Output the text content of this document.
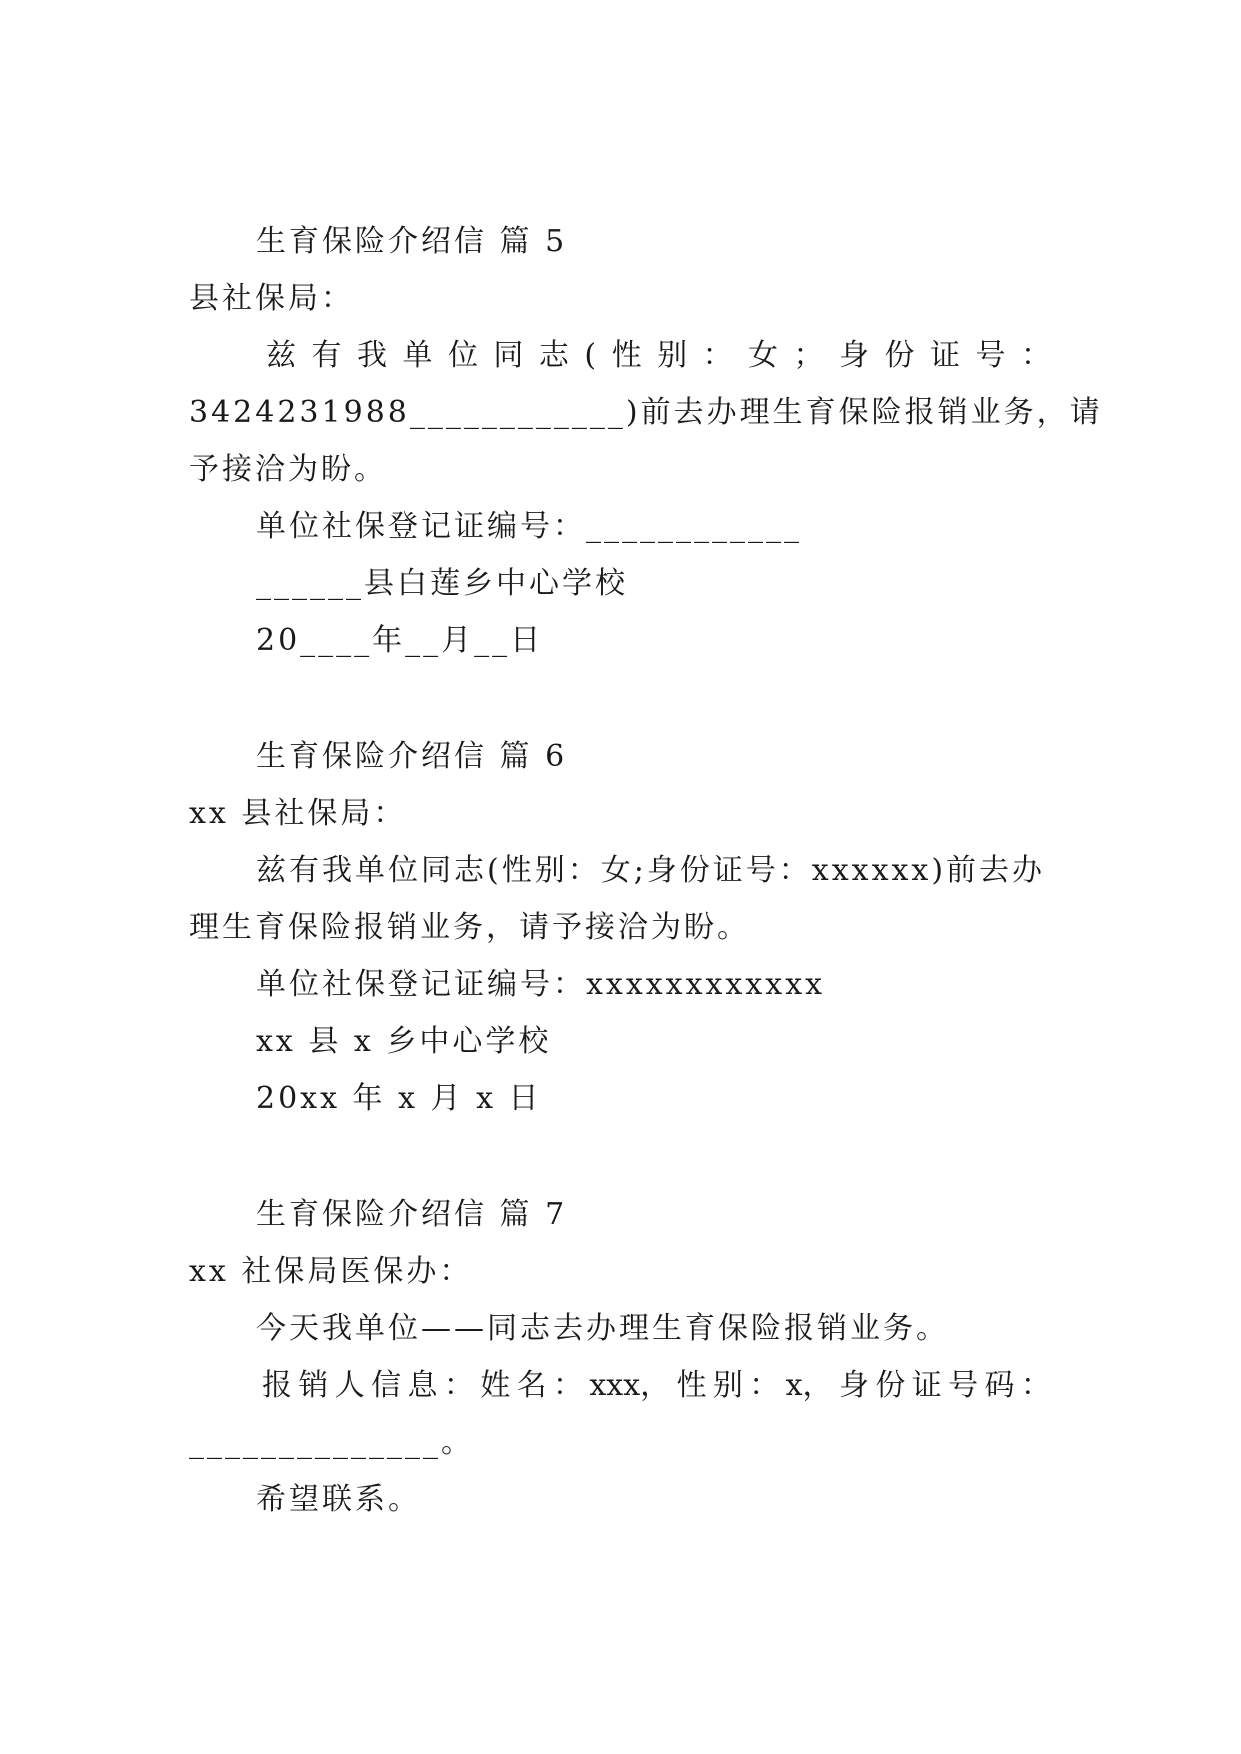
生育保险介绍信 篇 5
县社保局：
兹 有 我 单 位 同 志 ( 性 别 ： 女 ； 身 份 证 号 ：
3424231988____________)前去办理生育保险报销业务，请
予接洽为盼。
单位社保登记证编号：____________
______县白莲乡中心学校
20____年__月__日
生育保险介绍信 篇 6
xx 县社保局：
兹有我单位同志(性别：女;身份证号：xxxxxx)前去办
理生育保险报销业务，请予接洽为盼。
单位社保登记证编号：xxxxxxxxxxxx
xx 县 x 乡中心学校
20xx 年 x 月 x 日
生育保险介绍信 篇 7
xx 社保局医保办：
今天我单位——同志去办理生育保险报销业务。
报 销 人 信 息 ： 姓 名 ： xxx， 性 别 ： x， 身 份 证 号 码 ：
______________。
希望联系。
